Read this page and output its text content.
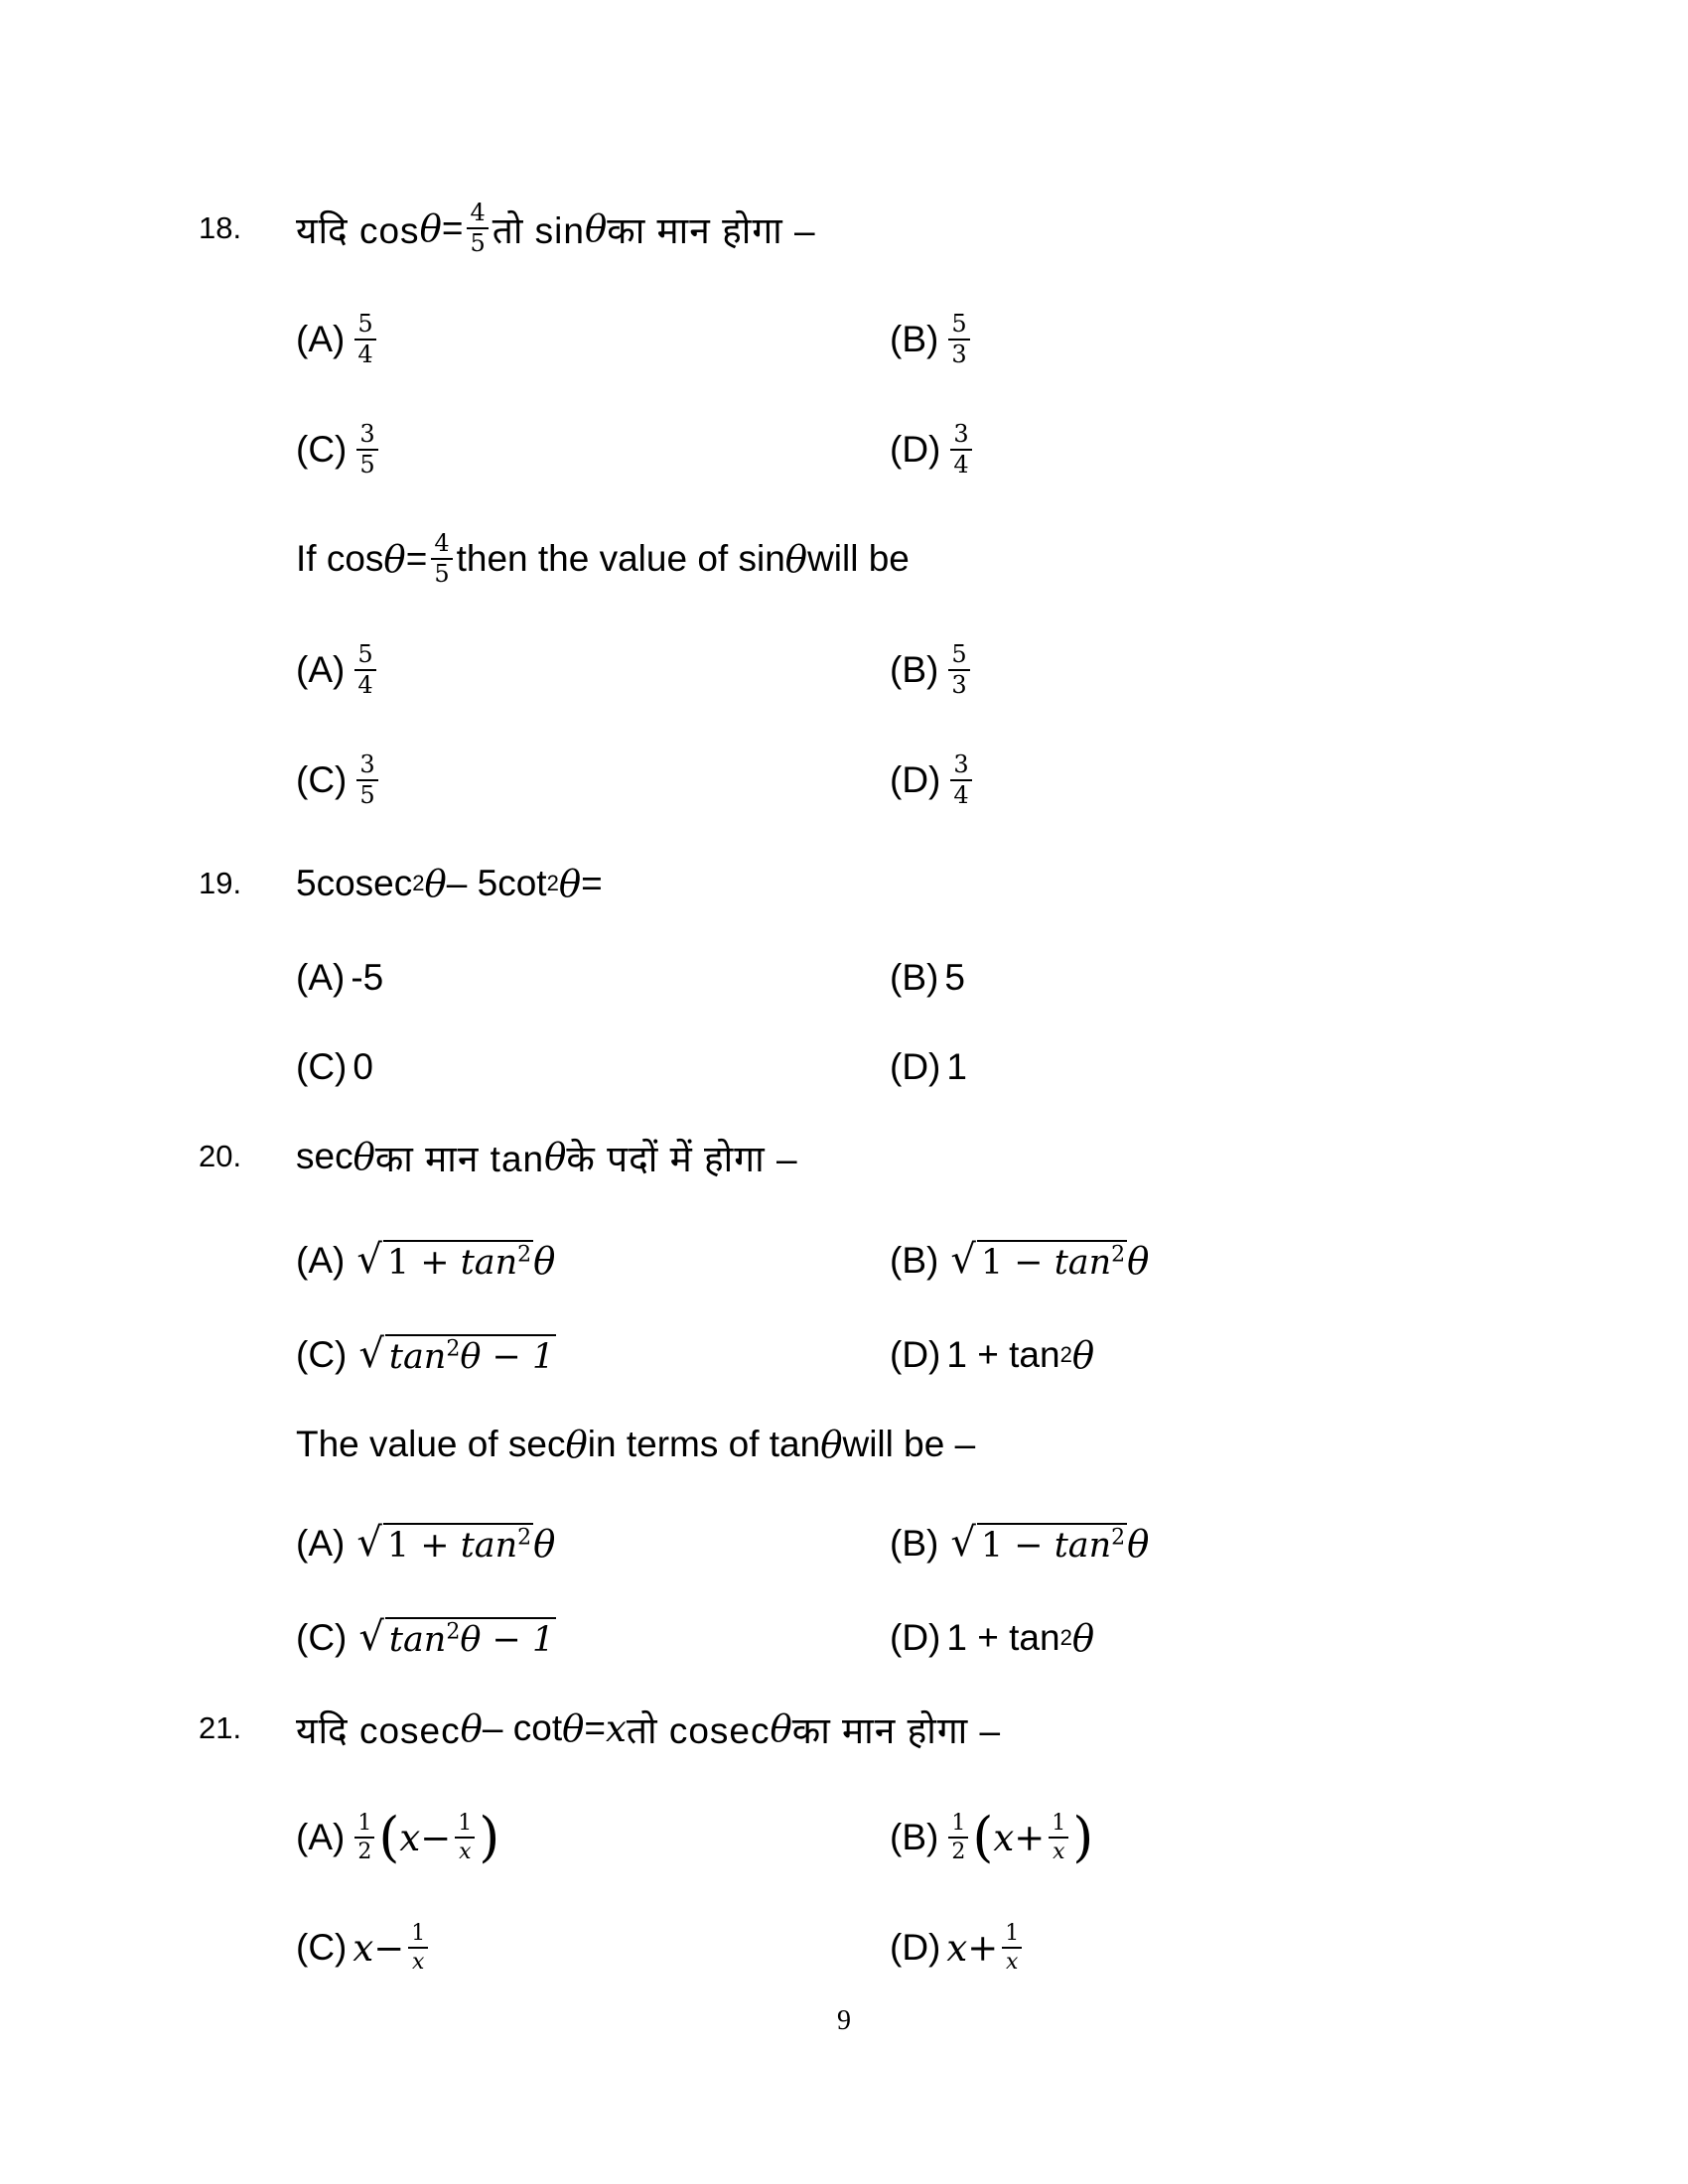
18. यदि $\cos \theta = \frac{4}{5}$ तो sin θ का मान होगा –
$(A) \frac{5}{4}$	$(B) \frac{5}{3}$
$(C) \frac{3}{5}$	$(D) \frac{3}{4}$
If $\cos \theta = \frac{4}{5}$ then the value of sin θ will be
$(A) \frac{5}{4}$	$(B) \frac{5}{3}$
$(C) \frac{3}{5}$	$(D) \frac{3}{4}$
19. 5cosec 2 θ – 5cot 2 θ =
(A) -5	(B) 5
(C) 0	(D) 1
20. sec θ का मान tan θ के पदों में होगा –
(A) √ $1 + \tan^2 \theta$	(B) √ $1 - \tan^2 \theta$
(C) √ $\tan^2\theta - 1$	(D) 1 + tan 2 θ
The value of sec θ in terms of tan θ will be –
(A) √ $1 + \tan^2 \theta$	(B) √ $1 - \tan^2 \theta$
(C) √ $\tan^2\theta - 1$	(D) 1 + tan 2 θ
21. यदि cosec θ – cot θ = x तो cosec θ का मान होगा –
$(A) \frac{1}{2}$ ( $x - \frac{1}{x}$ )	$(B) \frac{1}{2}$ ( $x + \frac{1}{x}$ )
(C) $x - \frac{1}{x}$	(D) $x + \frac{1}{x}$
9
